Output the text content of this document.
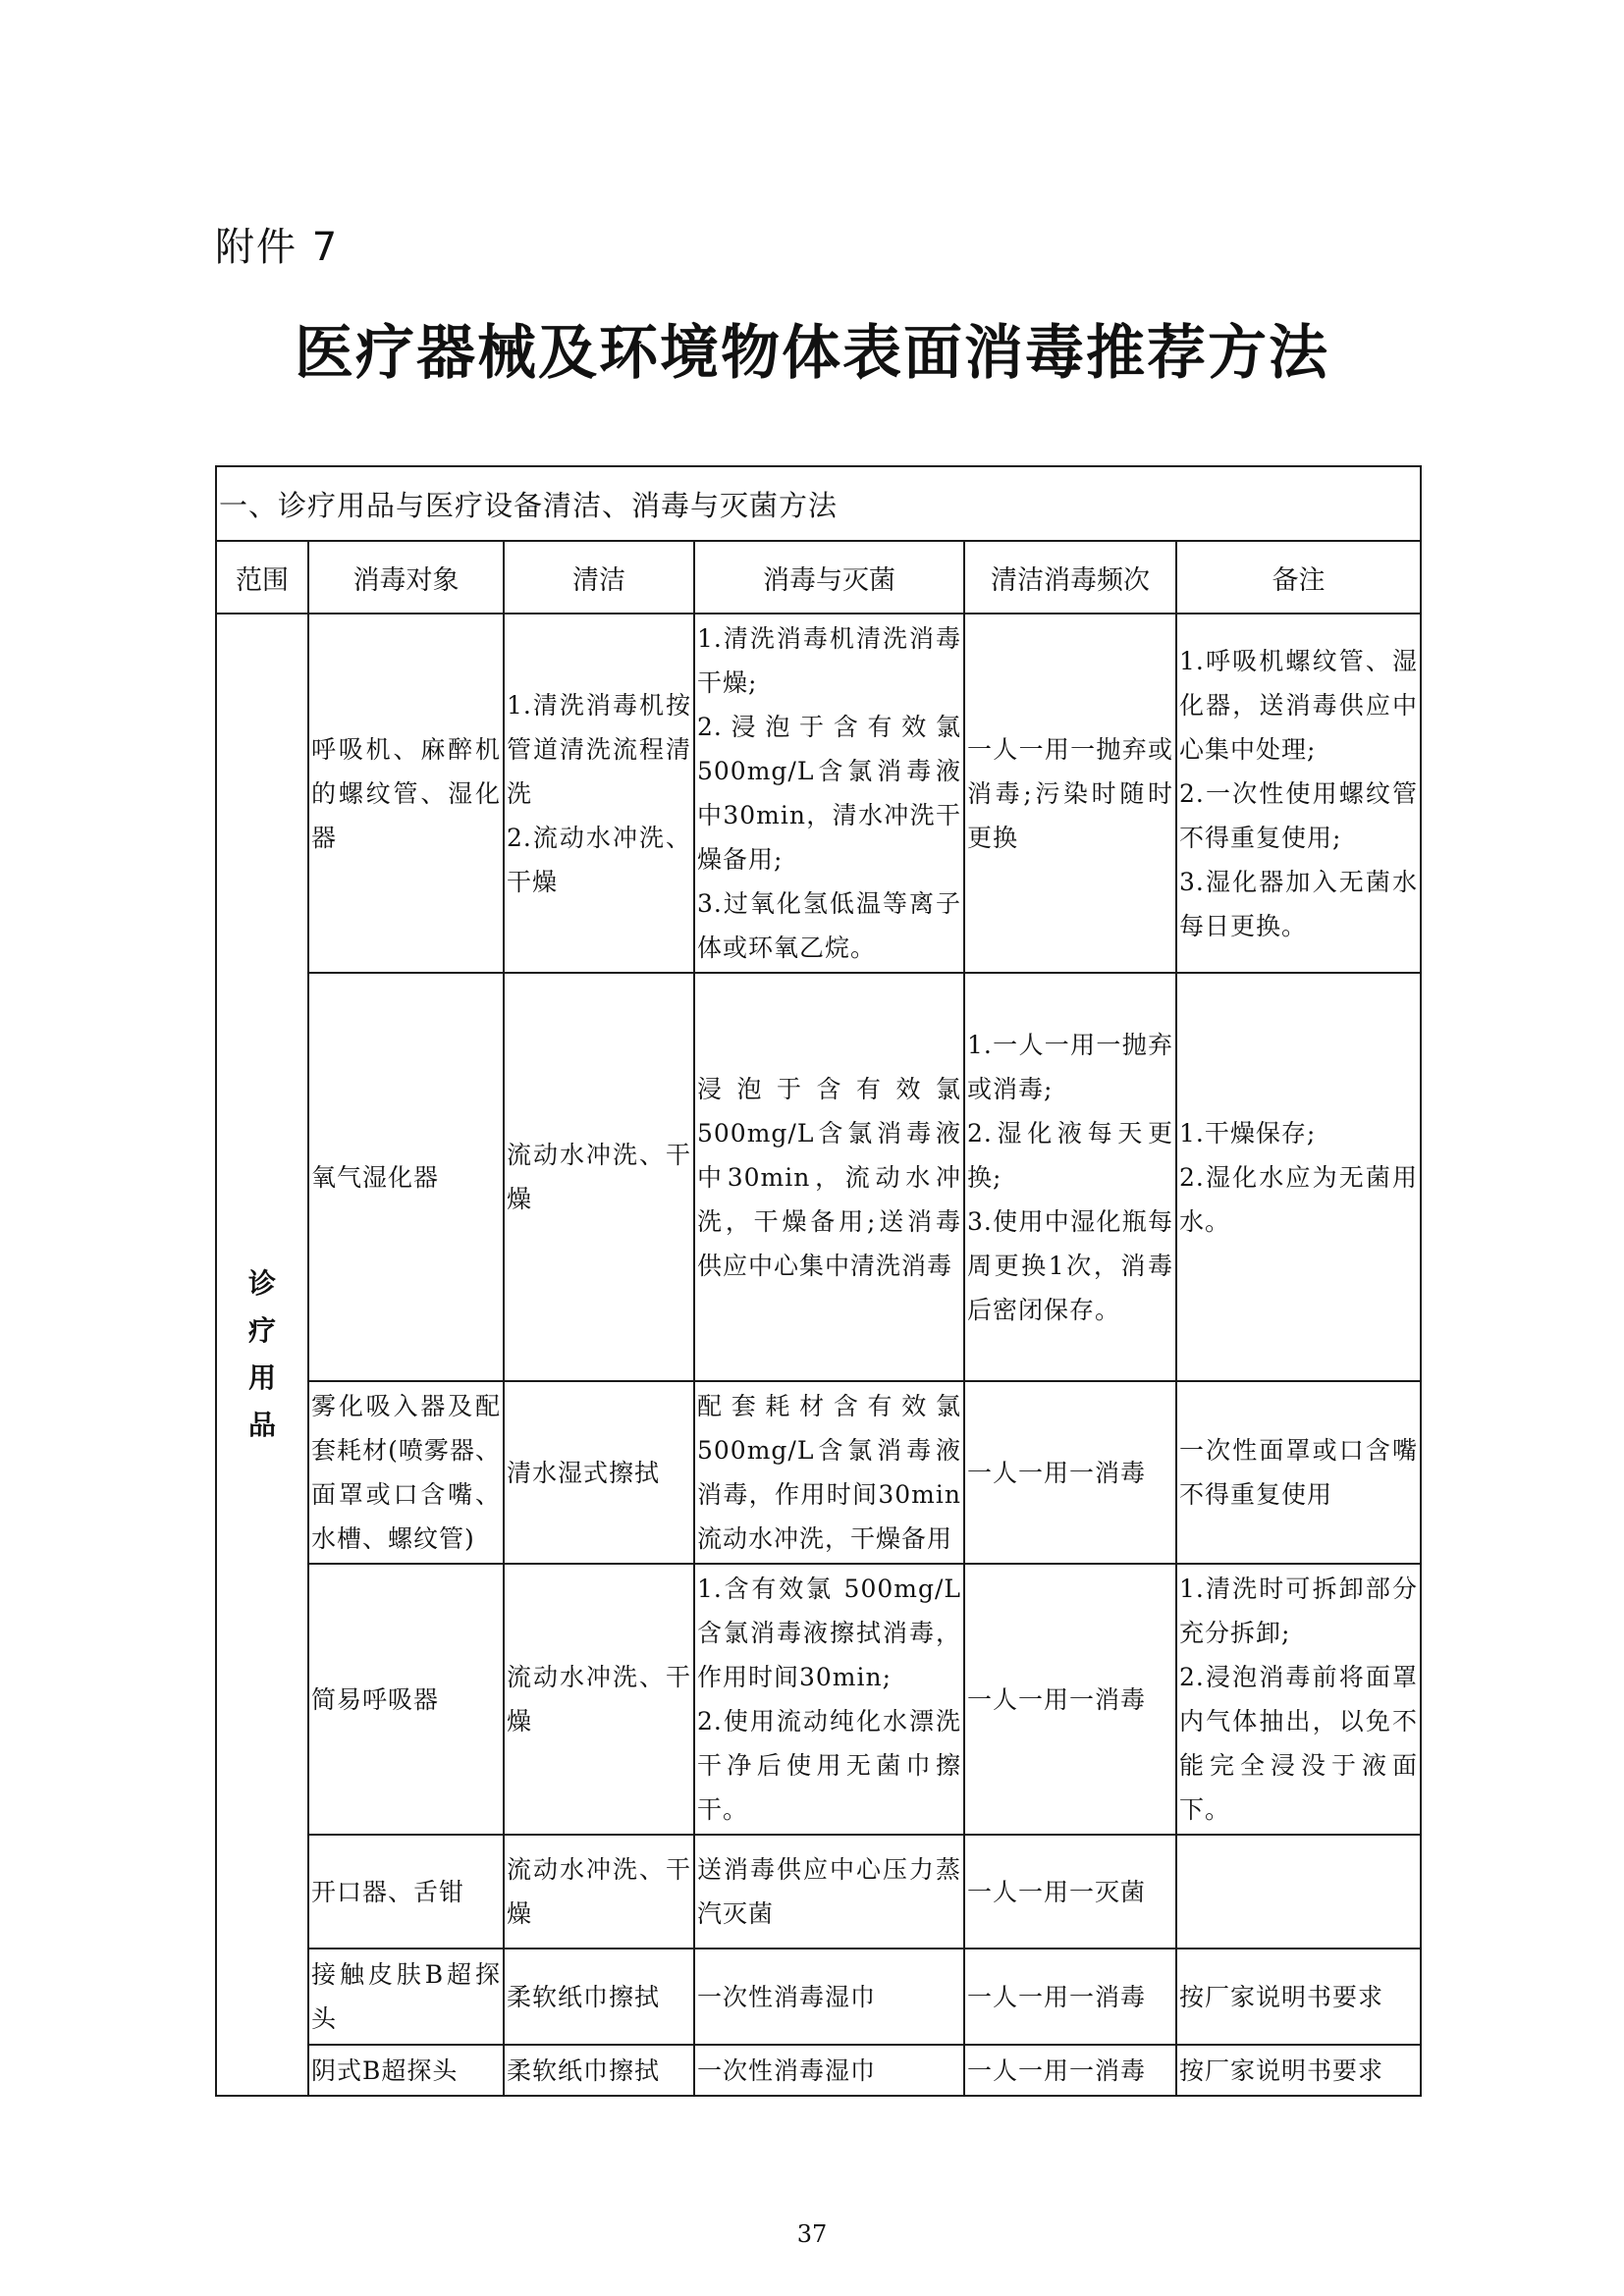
附件 7
医疗器械及环境物体表面消毒推荐方法
一、诊疗用品与医疗设备清洁、消毒与灭菌方法					
范围	消毒对象	清洁	消毒与灭菌	清洁消毒频次	备注

诊
疗
用
品	呼吸机、麻醉机的螺纹管、湿化器	1.清洗消毒机按管道清洗流程清洗
2.流动水冲洗、干燥	1.清洗消毒机清洗消毒干燥;
2.浸泡于含有效氯500mg/L含氯消毒液中30min，清水冲洗干燥备用;
3.过氧化氢低温等离子体或环氧乙烷。	一人一用一抛弃或消毒;污染时随时更换	1.呼吸机螺纹管、湿化器，送消毒供应中心集中处理;
2.一次性使用螺纹管不得重复使用;
3.湿化器加入无菌水每日更换。

	氧气湿化器	流动水冲洗、干燥	浸泡于含有效氯500mg/L含氯消毒液中30min，流动水冲洗，干燥备用;送消毒供应中心集中清洗消毒	1.一人一用一抛弃或消毒;
2.湿化液每天更换;
3.使用中湿化瓶每周更换1次，消毒后密闭保存。	1.干燥保存;
2.湿化水应为无菌用水。

	雾化吸入器及配套耗材(喷雾器、面罩或口含嘴、水槽、螺纹管)	清水湿式擦拭	配套耗材含有效氯500mg/L含氯消毒液消毒，作用时间30min流动水冲洗，干燥备用	一人一用一消毒	一次性面罩或口含嘴不得重复使用

	简易呼吸器	流动水冲洗、干燥	1.含有效氯 500mg/L含氯消毒液擦拭消毒，作用时间30min;
2.使用流动纯化水漂洗干净后使用无菌巾擦干。	一人一用一消毒	1.清洗时可拆卸部分充分拆卸;
2.浸泡消毒前将面罩内气体抽出，以免不能完全浸没于液面下。

	开口器、舌钳	流动水冲洗、干燥	送消毒供应中心压力蒸汽灭菌	一人一用一灭菌	

	接触皮肤B超探头	柔软纸巾擦拭	一次性消毒湿巾	一人一用一消毒	按厂家说明书要求

	阴式B超探头	柔软纸巾擦拭	一次性消毒湿巾	一人一用一消毒	按厂家说明书要求
37
